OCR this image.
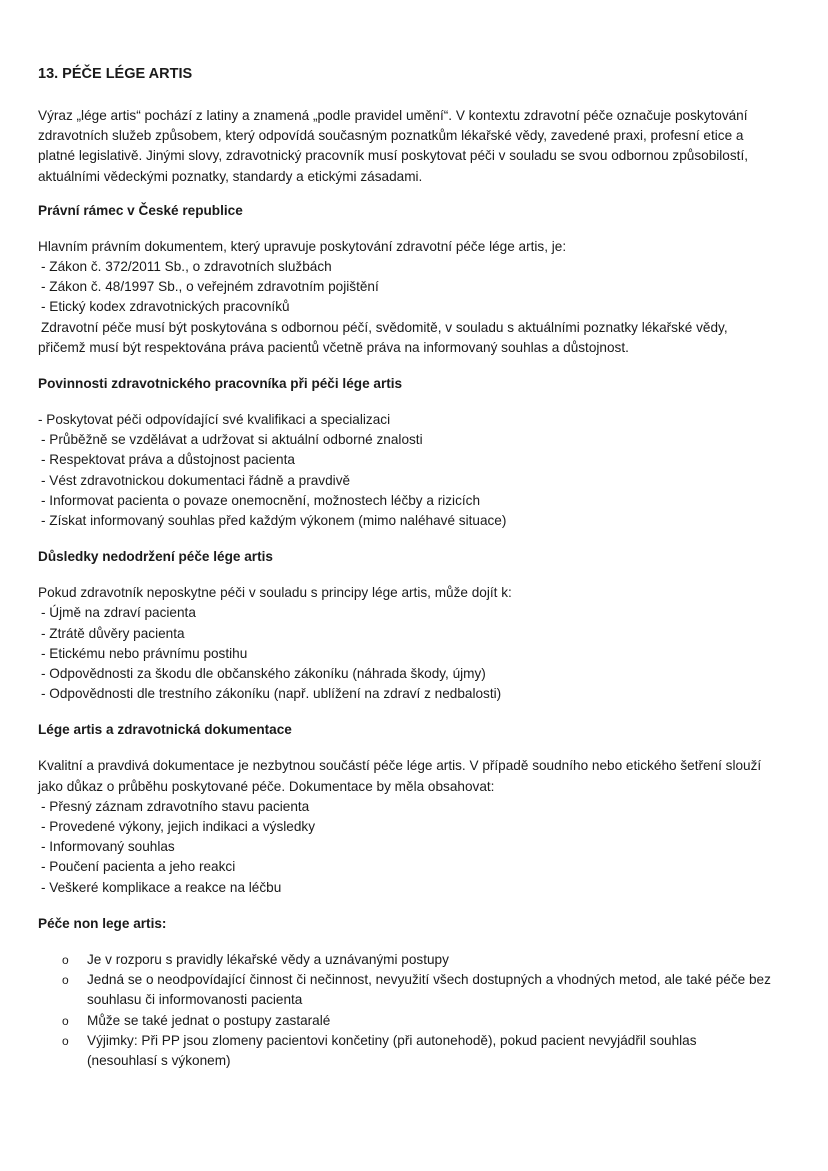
13. PÉČE LÉGE ARTIS
Výraz „lége artis“ pochází z latiny a znamená „podle pravidel umění“. V kontextu zdravotní péče označuje poskytování
zdravotních služeb způsobem, který odpovídá současným poznatkům lékařské vědy, zavedené praxi, profesní etice a
platné legislativě. Jinými slovy, zdravotnický pracovník musí poskytovat péči v souladu se svou odbornou způsobilostí,
aktuálními vědeckými poznatky, standardy a etickými zásadami.
Právní rámec v České republice
Hlavním právním dokumentem, který upravuje poskytování zdravotní péče lége artis, je:
- Zákon č. 372/2011 Sb., o zdravotních službách
- Zákon č. 48/1997 Sb., o veřejném zdravotním pojištění
- Etický kodex zdravotnických pracovníků
Zdravotní péče musí být poskytována s odbornou péčí, svědomitě, v souladu s aktuálními poznatky lékařské vědy,
přičemž musí být respektována práva pacientů včetně práva na informovaný souhlas a důstojnost.
Povinnosti zdravotnického pracovníka při péči lége artis
- Poskytovat péči odpovídající své kvalifikaci a specializaci
- Průběžně se vzdělávat a udržovat si aktuální odborné znalosti
- Respektovat práva a důstojnost pacienta
- Vést zdravotnickou dokumentaci řádně a pravdivě
- Informovat pacienta o povaze onemocnění, možnostech léčby a rizicích
- Získat informovaný souhlas před každým výkonem (mimo naléhavé situace)
Důsledky nedodržení péče lége artis
Pokud zdravotník neposkytne péči v souladu s principy lége artis, může dojít k:
- Újmě na zdraví pacienta
- Ztrátě důvěry pacienta
- Etickému nebo právnímu postihu
- Odpovědnosti za škodu dle občanského zákoníku (náhrada škody, újmy)
- Odpovědnosti dle trestního zákoníku (např. ublížení na zdraví z nedbalosti)
Lége artis a zdravotnická dokumentace
Kvalitní a pravdivá dokumentace je nezbytnou součástí péče lége artis. V případě soudního nebo etického šetření slouží
jako důkaz o průběhu poskytované péče. Dokumentace by měla obsahovat:
- Přesný záznam zdravotního stavu pacienta
- Provedené výkony, jejich indikaci a výsledky
- Informovaný souhlas
- Poučení pacienta a jeho reakci
- Veškeré komplikace a reakce na léčbu
Péče non lege artis:
o Je v rozporu s pravidly lékařské vědy a uznávanými postupy
o Jedná se o neodpovídající činnost či nečinnost, nevyužití všech dostupných a vhodných metod, ale také péče bez
souhlasu či informovanosti pacienta
o Může se také jednat o postupy zastaralé
o Výjimky: Při PP jsou zlomeny pacientovi končetiny (při autonehodě), pokud pacient nevyjádřil souhlas
(nesouhlasí s výkonem)
